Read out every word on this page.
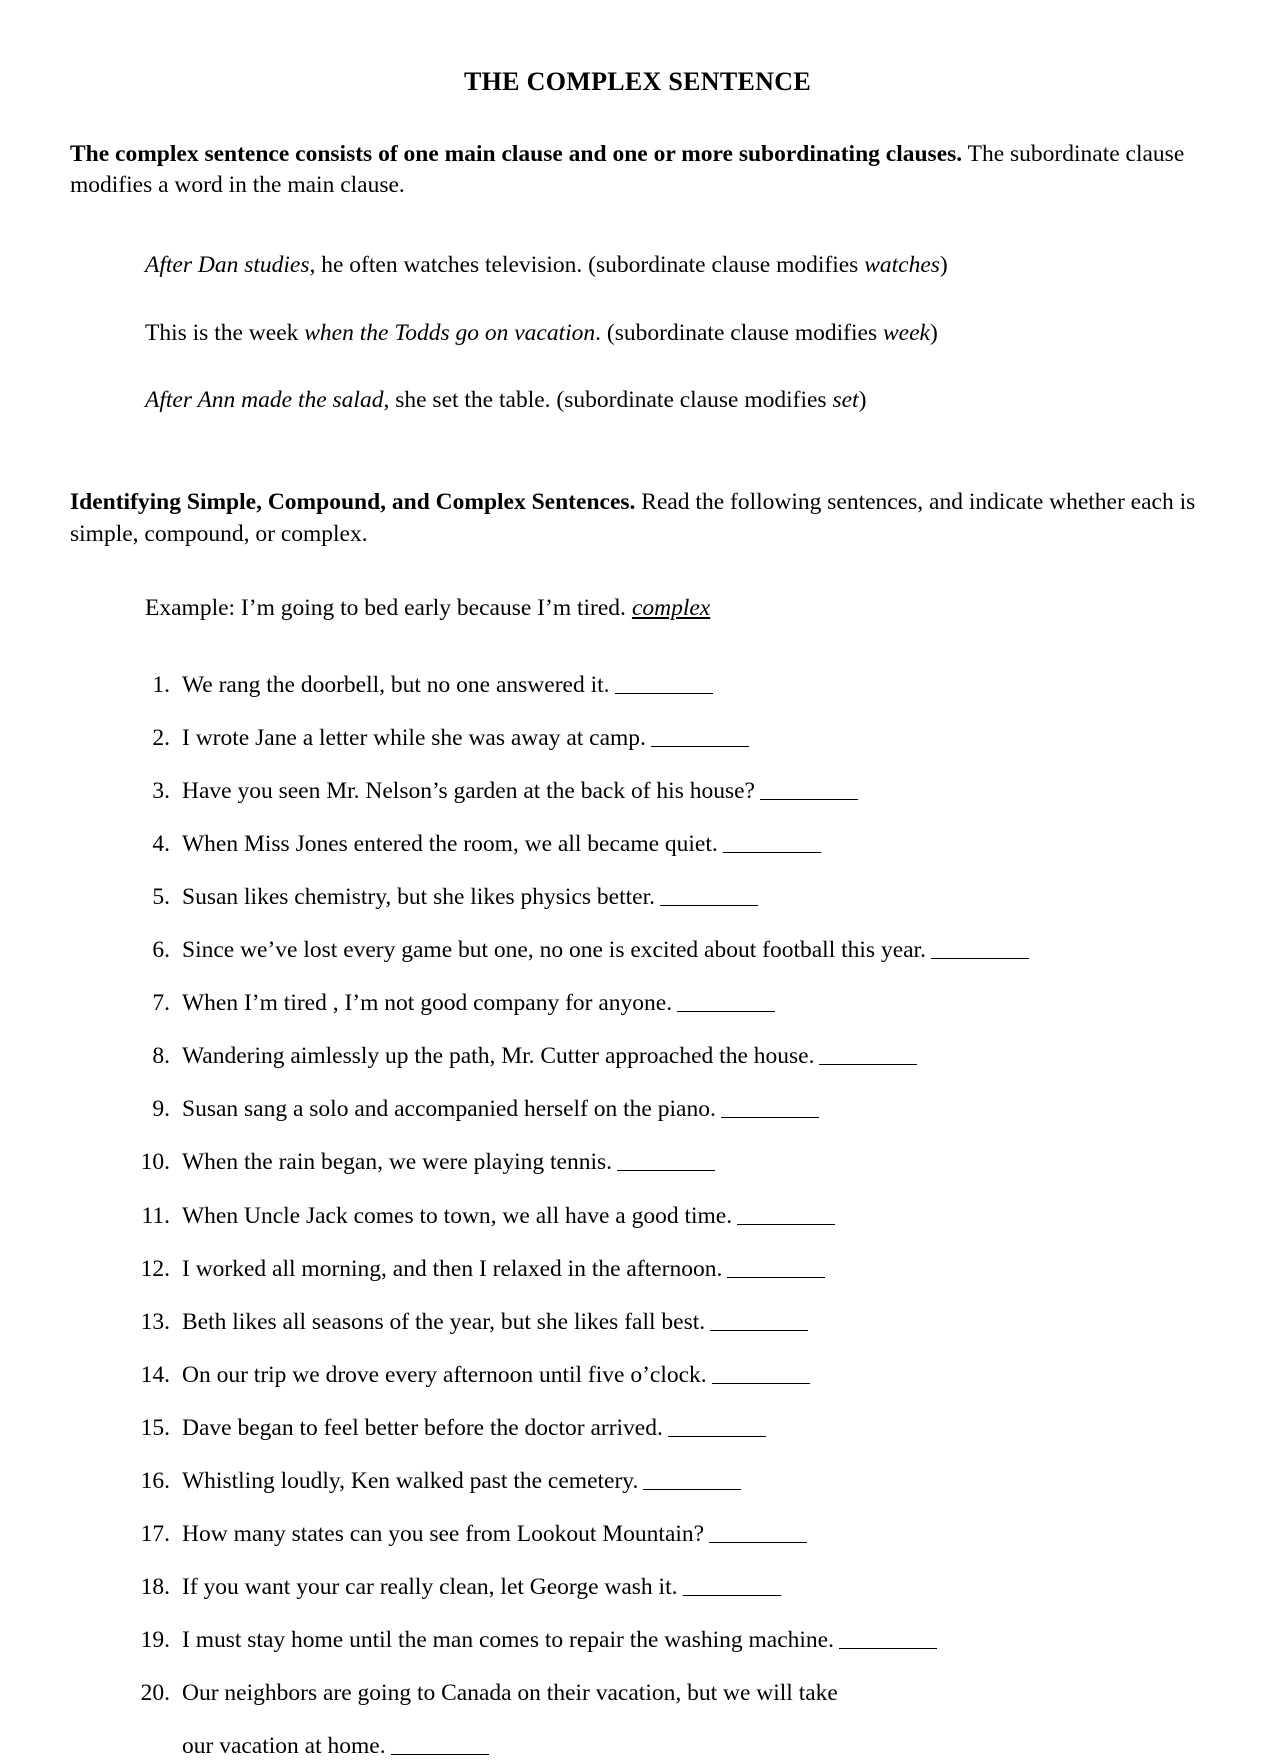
THE COMPLEX SENTENCE

The complex sentence consists of one main clause and one or more subordinating clauses. The subordinate clause modifies a word in the main clause.

After Dan studies, he often watches television. (subordinate clause modifies watches)
This is the week when the Todds go on vacation. (subordinate clause modifies week)
After Ann made the salad, she set the table. (subordinate clause modifies set)

Identifying Simple, Compound, and Complex Sentences. Read the following sentences, and indicate whether each is simple, compound, or complex.

Example: I’m going to bed early because I’m tired. complex
1. We rang the doorbell, but no one answered it.
2. I wrote Jane a letter while she was away at camp.
3. Have you seen Mr. Nelson’s garden at the back of his house?
4. When Miss Jones entered the room, we all became quiet.
5. Susan likes chemistry, but she likes physics better.
6. Since we’ve lost every game but one, no one is excited about football this year.
7. When I’m tired , I’m not good company for anyone.
8. Wandering aimlessly up the path, Mr. Cutter approached the house.
9. Susan sang a solo and accompanied herself on the piano.
10. When the rain began, we were playing tennis.
11. When Uncle Jack comes to town, we all have a good time.
12. I worked all morning, and then I relaxed in the afternoon.
13. Beth likes all seasons of the year, but she likes fall best.
14. On our trip we drove every afternoon until five o’clock.
15. Dave began to feel better before the doctor arrived.
16. Whistling loudly, Ken walked past the cemetery.
17. How many states can you see from Lookout Mountain?
18. If you want your car really clean, let George wash it.
19. I must stay home until the man comes to repair the washing machine.
20. Our neighbors are going to Canada on their vacation, but we will take
our vacation at home.
